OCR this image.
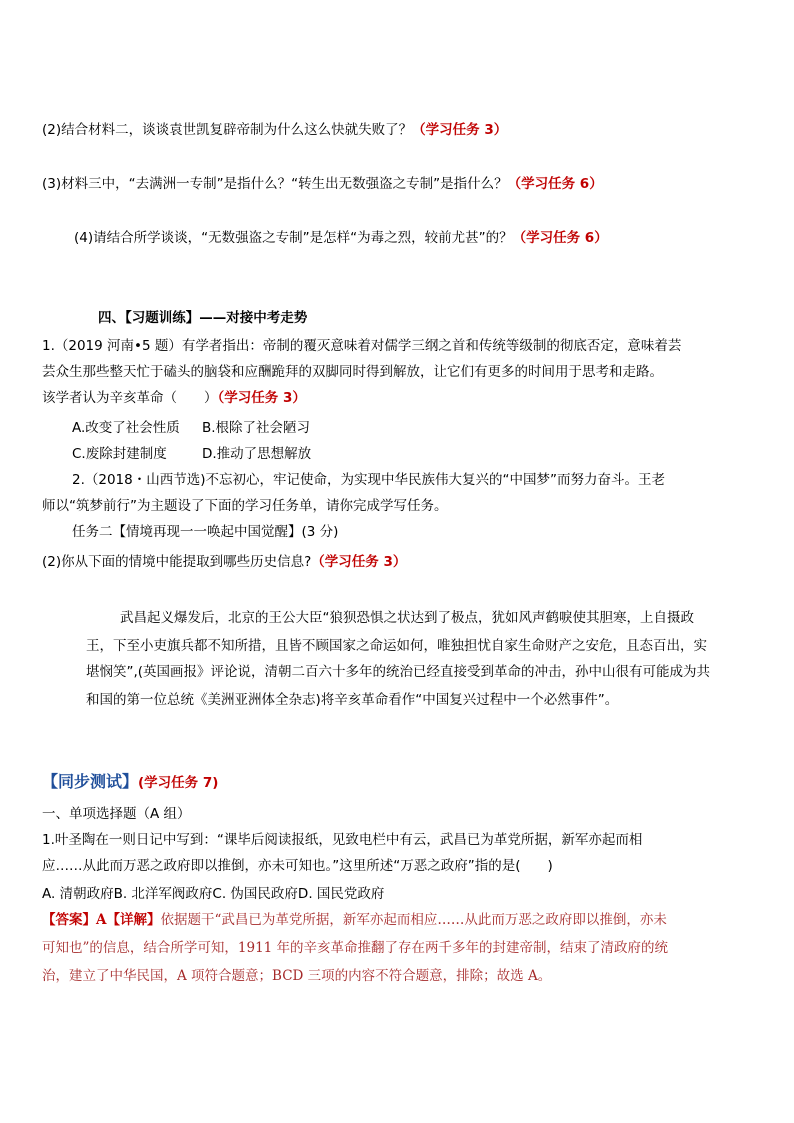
(2)结合材料二，谈谈袁世凯复辟帝制为什么这么快就失败了？（学习任务 3）
(3)材料三中，“去满洲一专制”是指什么？“转生出无数强盗之专制”是指什么？（学习任务 6）
(4)请结合所学谈谈，“无数强盗之专制”是怎样“为毒之烈，较前尤甚”的？（学习任务 6）
四、【习题训练】——对接中考走势
1.（2019 河南•5 题）有学者指出：帝制的覆灭意味着对儒学三纲之首和传统等级制的彻底否定，意味着芸
芸众生那些整天忙于磕头的脑袋和应酬跪拜的双脚同时得到解放，让它们有更多的时间用于思考和走路。
该学者认为辛亥革命（　　）（学习任务 3）
A.改变了社会性质 B.根除了社会陋习
C.废除封建制度	D.推动了思想解放
2.（2018・山西节选)不忘初心，牢记使命，为实现中华民族伟大复兴的“中国梦”而努力奋斗。王老
师以“筑梦前行”为主题设了下面的学习任务单，请你完成学写任务。
任务二【情境再现一一唤起中国觉醒】(3 分)
(2)你从下面的情境中能提取到哪些历史信息?（学习任务 3）
武昌起义爆发后，北京的王公大臣“狼狈恐惧之状达到了极点，犹如风声鹤唳使其胆寒，上自摄政
王，下至小吏旗兵都不知所措，且皆不顾国家之命运如何，唯独担忧自家生命财产之安危，且态百出，实
堪悯笑”,(英国画报》评论说，清朝二百六十多年的统治已经直接受到革命的冲击，孙中山很有可能成为共
和国的第一位总统《美洲亚洲体全杂志)将辛亥革命看作“中国复兴过程中一个必然事件”。
【同步测试】(学习任务 7)
一、单项选择题（A 组）
1.叶圣陶在一则日记中写到：“课毕后阅读报纸，见致电栏中有云，武昌已为革党所据，新军亦起而相
应……从此而万恶之政府即以推倒，亦未可知也。”这里所述“万恶之政府”指的是(　　)
A. 清朝政府B. 北洋军阀政府C. 伪国民政府D. 国民党政府
【答案】A【详解】依据题干“武昌已为革党所据，新军亦起而相应……从此而万恶之政府即以推倒，亦未
可知也”的信息，结合所学可知，1911 年的辛亥革命推翻了存在两千多年的封建帝制，结束了清政府的统
治，建立了中华民国，A 项符合题意；BCD 三项的内容不符合题意，排除；故选 A。
